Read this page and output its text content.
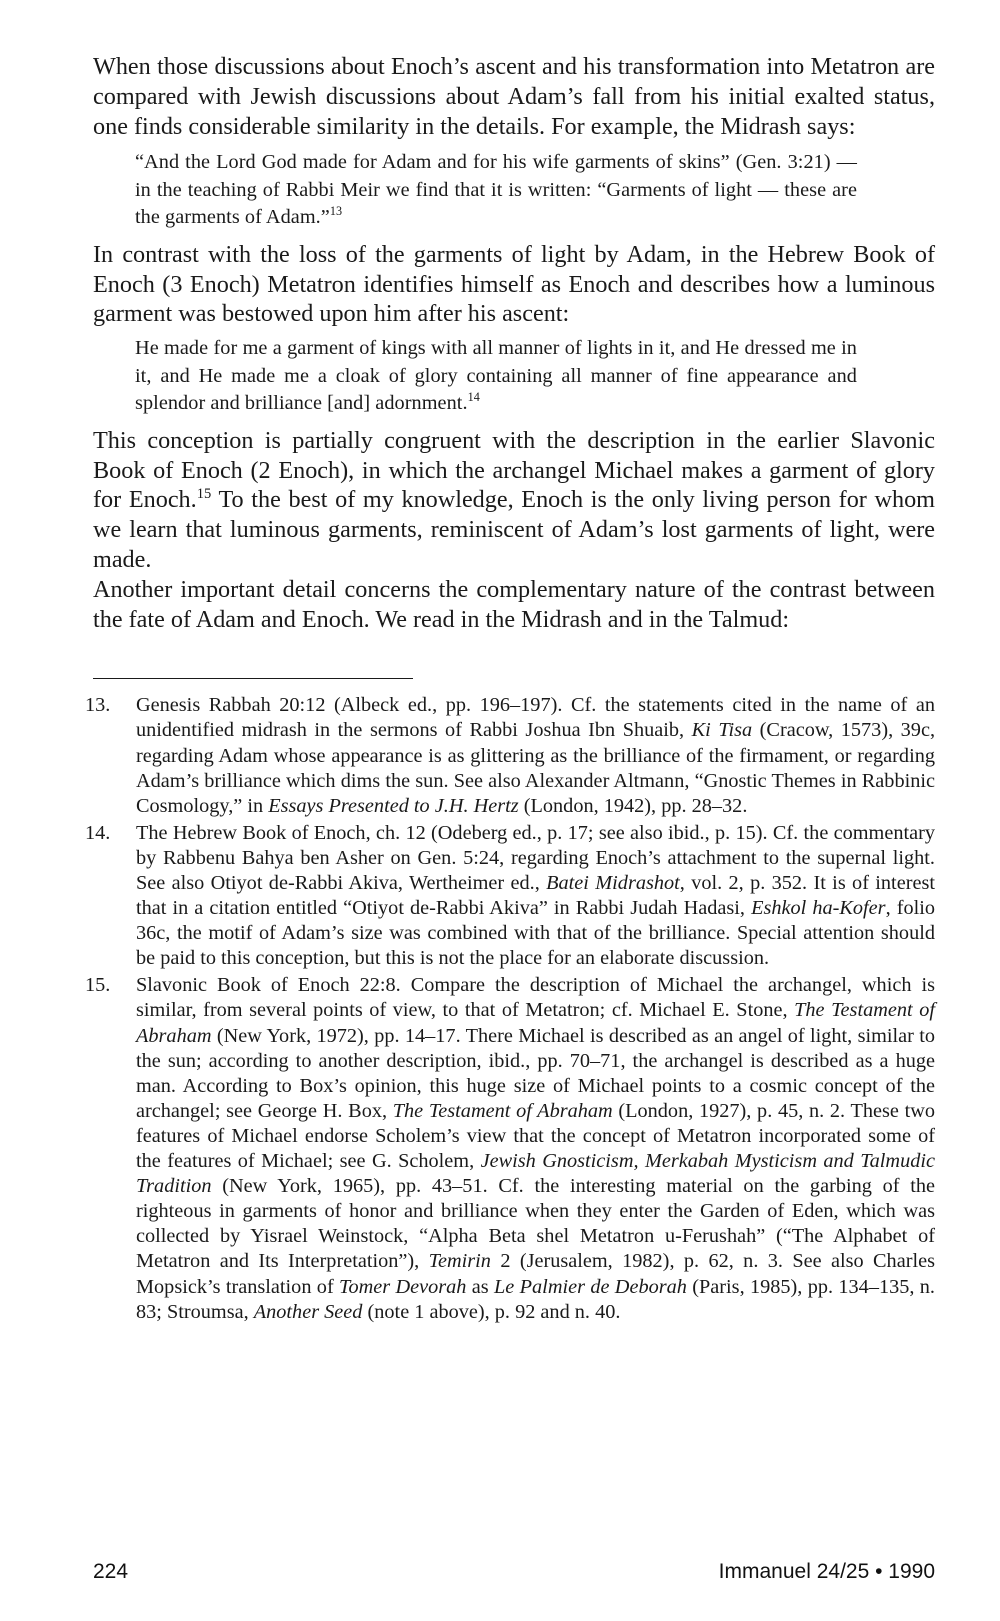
When those discussions about Enoch’s ascent and his transformation into Metatron are compared with Jewish discussions about Adam’s fall from his initial exalted status, one finds considerable similarity in the details. For example, the Midrash says:

“And the Lord God made for Adam and for his wife garments of skins” (Gen. 3:21) — in the teaching of Rabbi Meir we find that it is written: “Garments of light — these are the garments of Adam.”$^{13}$

In contrast with the loss of the garments of light by Adam, in the Hebrew Book of Enoch (3 Enoch) Metatron identifies himself as Enoch and describes how a luminous garment was bestowed upon him after his ascent:

He made for me a garment of kings with all manner of lights in it, and He dressed me in it, and He made me a cloak of glory containing all manner of fine appearance and splendor and brilliance [and] adornment.$^{14}$

This conception is partially congruent with the description in the earlier Slavonic Book of Enoch (2 Enoch), in which the archangel Michael makes a garment of glory for Enoch.$^{15}$ To the best of my knowledge, Enoch is the only living person for whom we learn that luminous garments, reminiscent of Adam’s lost garments of light, were made.

Another important detail concerns the complementary nature of the contrast between the fate of Adam and Enoch. We read in the Midrash and in the Talmud:

13. Genesis Rabbah 20:12 (Albeck ed., pp. 196–197). Cf. the statements cited in the name of an unidentified midrash in the sermons of Rabbi Joshua Ibn Shuaib, Ki Tisa (Cracow, 1573), 39c, regarding Adam whose appearance is as glittering as the brilliance of the firmament, or regarding Adam’s brilliance which dims the sun. See also Alexander Altmann, “Gnostic Themes in Rabbinic Cosmology,” in Essays Presented to J.H. Hertz (London, 1942), pp. 28–32.
14. The Hebrew Book of Enoch, ch. 12 (Odeberg ed., p. 17; see also ibid., p. 15). Cf. the commentary by Rabbenu Bahya ben Asher on Gen. 5:24, regarding Enoch’s attachment to the supernal light. See also Otiyot de-Rabbi Akiva, Wertheimer ed., Batei Midrashot, vol. 2, p. 352. It is of interest that in a citation entitled “Otiyot de-Rabbi Akiva” in Rabbi Judah Hadasi, Eshkol ha-Kofer, folio 36c, the motif of Adam’s size was combined with that of the brilliance. Special attention should be paid to this conception, but this is not the place for an elaborate discussion.
15. Slavonic Book of Enoch 22:8. Compare the description of Michael the archangel, which is similar, from several points of view, to that of Metatron; cf. Michael E. Stone, The Testament of Abraham (New York, 1972), pp. 14–17. There Michael is described as an angel of light, similar to the sun; according to another description, ibid., pp. 70–71, the archangel is described as a huge man. According to Box’s opinion, this huge size of Michael points to a cosmic concept of the archangel; see George H. Box, The Testament of Abraham (London, 1927), p. 45, n. 2. These two features of Michael endorse Scholem’s view that the concept of Metatron incorporated some of the features of Michael; see G. Scholem, Jewish Gnosticism, Merkabah Mysticism and Talmudic Tradition (New York, 1965), pp. 43–51. Cf. the interesting material on the garbing of the righteous in garments of honor and brilliance when they enter the Garden of Eden, which was collected by Yisrael Weinstock, “Alpha Beta shel Metatron u-Ferushah” (“The Alphabet of Metatron and Its Interpretation”), Temirin 2 (Jerusalem, 1982), p. 62, n. 3. See also Charles Mopsick’s translation of Tomer Devorah as Le Palmier de Deborah (Paris, 1985), pp. 134–135, n. 83; Stroumsa, Another Seed (note 1 above), p. 92 and n. 40.
224	Immanuel 24/25 • 1990
